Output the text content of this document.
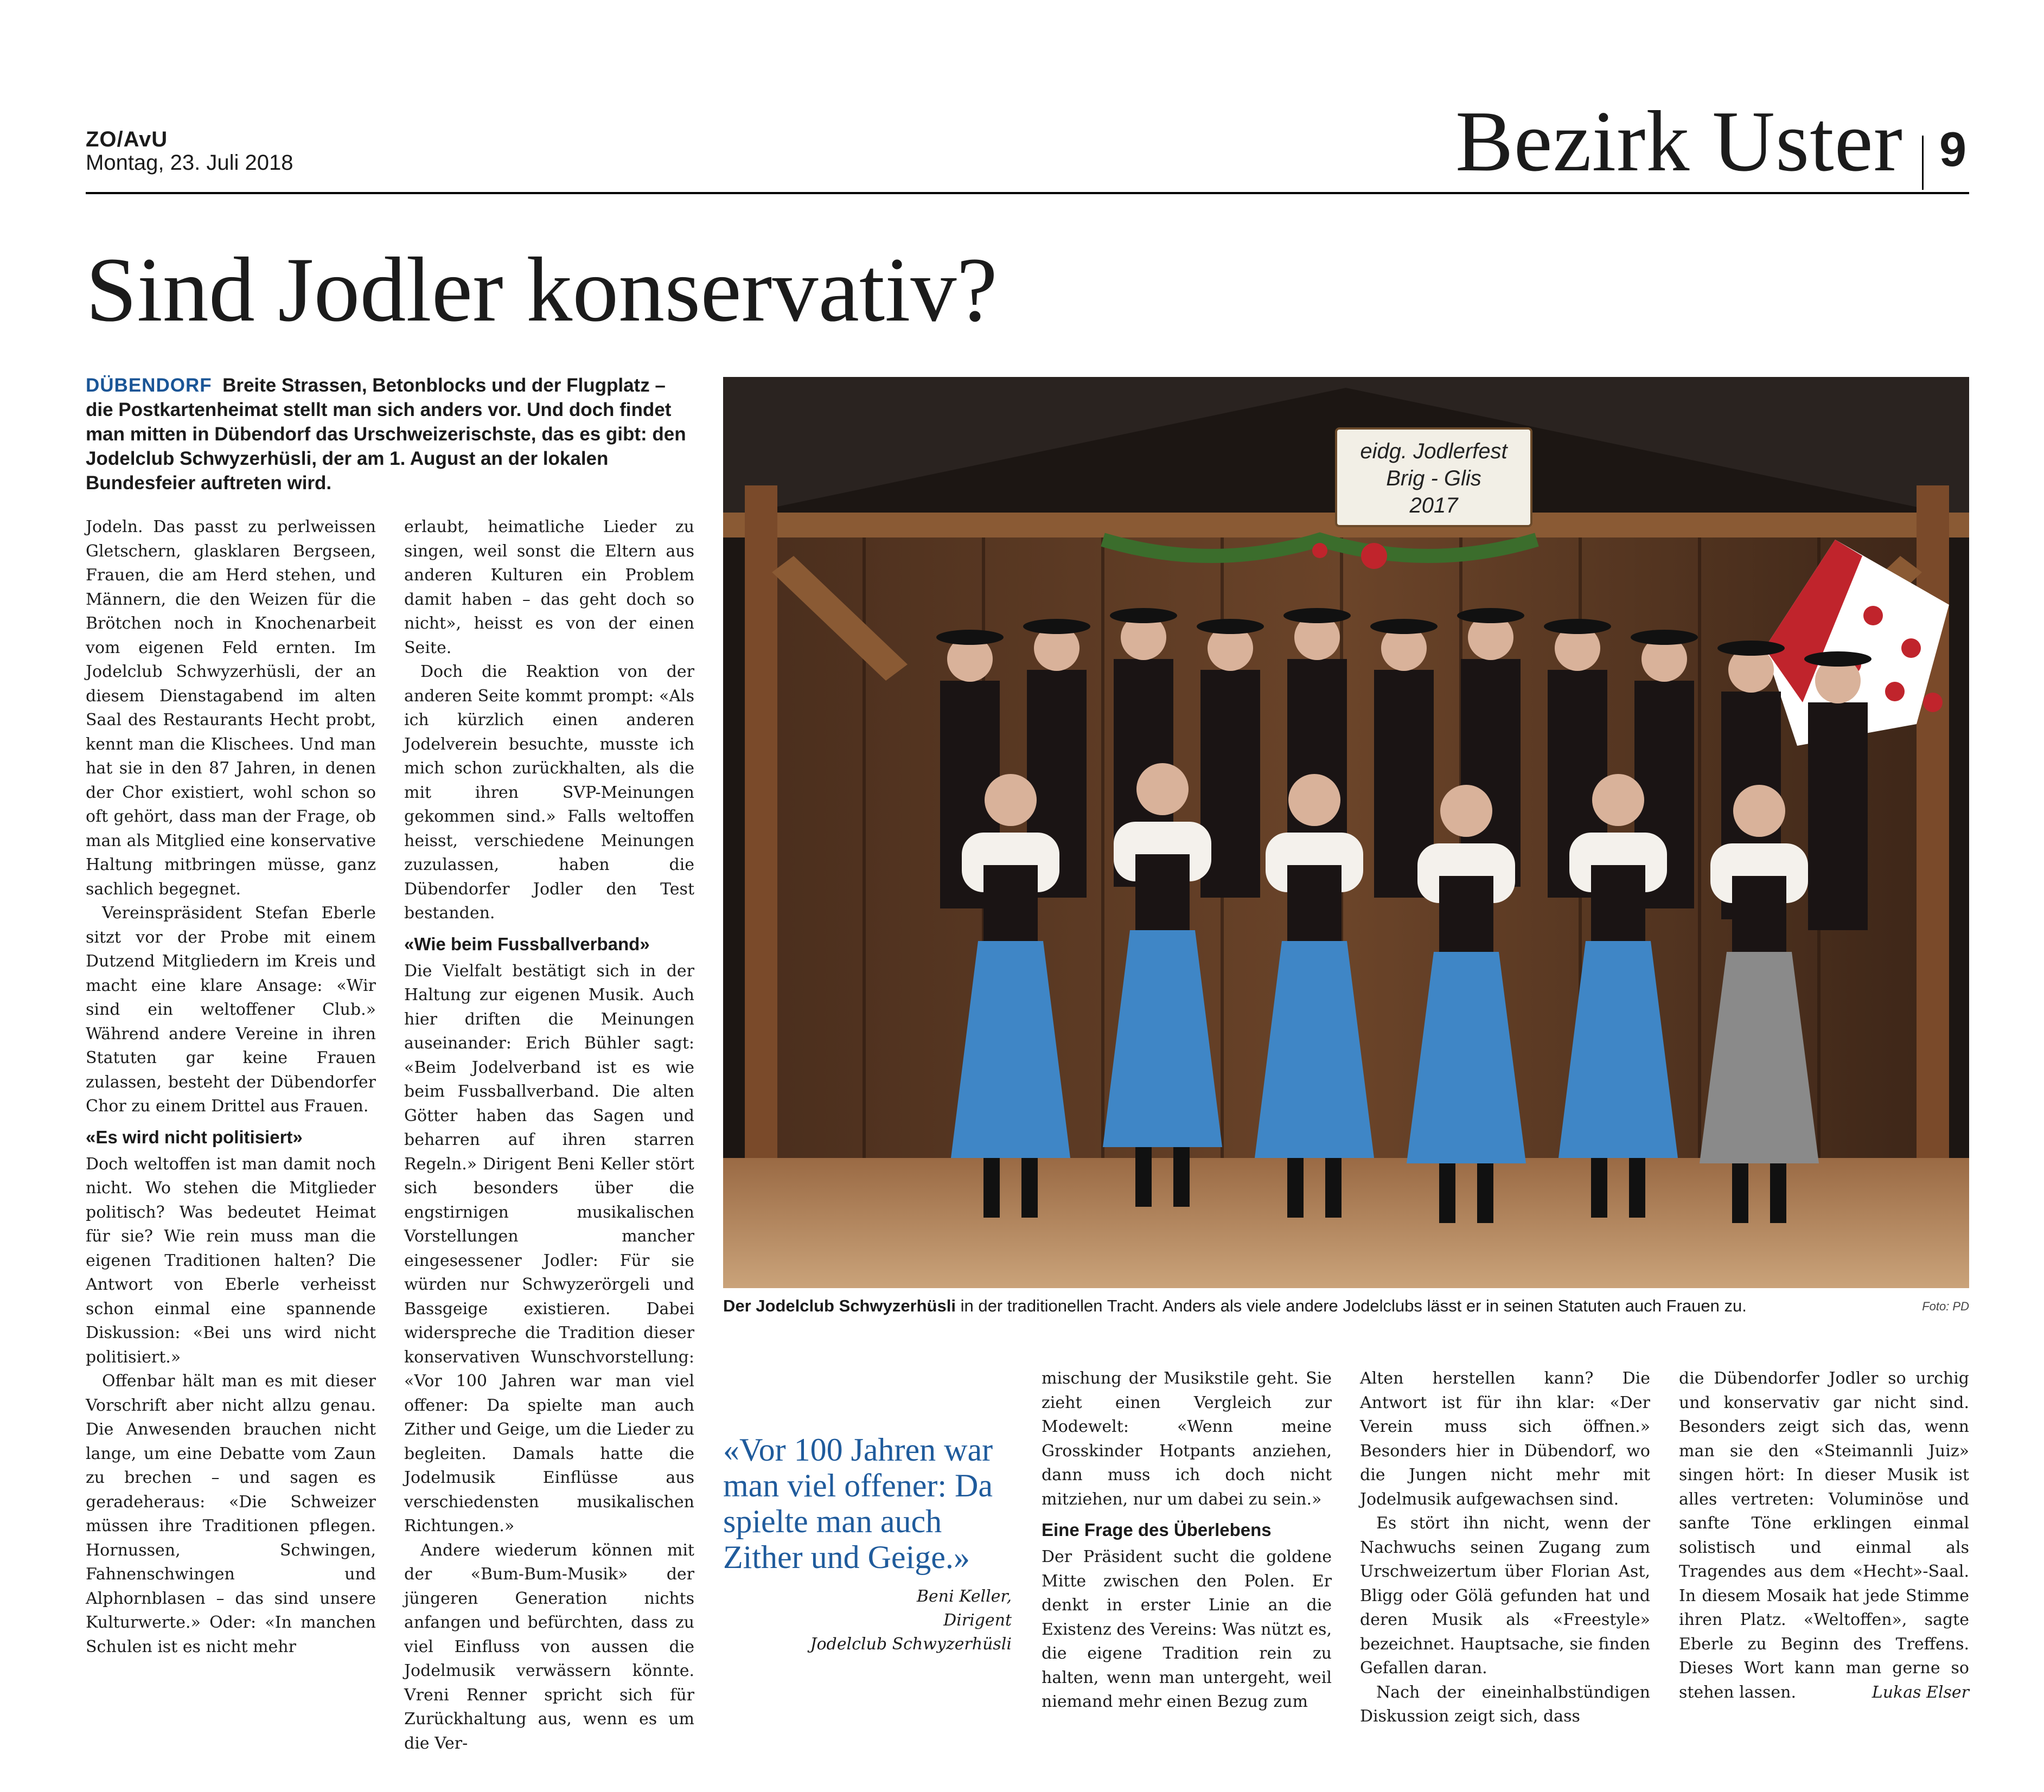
ZO/AvU
Montag, 23. Juli 2018	Bezirk Uster 9
Sind Jodler konservativ?
DÜBENDORF Breite Strassen, Betonblocks und der Flugplatz – die Postkartenheimat stellt man sich anders vor. Und doch findet man mitten in Dübendorf das Urschweizerischste, das es gibt: den Jodelclub Schwyzerhüsli, der am 1. August an der lokalen Bundesfeier auftreten wird.

Jodeln. Das passt zu perlweissen Gletschern, glasklaren Bergseen, Frauen, die am Herd stehen, und Männern, die den Weizen für die Brötchen noch in Knochenarbeit vom eigenen Feld ernten. Im Jodelclub Schwyzerhüsli, der an diesem Dienstagabend im alten Saal des Restaurants Hecht probt, kennt man die Klischees. Und man hat sie in den 87 Jahren, in denen der Chor existiert, wohl schon so oft gehört, dass man der Frage, ob man als Mitglied eine konservative Haltung mitbringen müsse, ganz sachlich begegnet.

Vereinspräsident Stefan Eberle sitzt vor der Probe mit einem Dutzend Mitgliedern im Kreis und macht eine klare Ansage: «Wir sind ein weltoffener Club.» Während andere Vereine in ihren Statuten gar keine Frauen zulassen, besteht der Dübendorfer Chor zu einem Drittel aus Frauen.

«Es wird nicht politisiert»

Doch weltoffen ist man damit noch nicht. Wo stehen die Mitglieder politisch? Was bedeutet Heimat für sie? Wie rein muss man die eigenen Traditionen halten? Die Antwort von Eberle verheisst schon einmal eine spannende Diskussion: «Bei uns wird nicht politisiert.»

Offenbar hält man es mit dieser Vorschrift aber nicht allzu genau. Die Anwesenden brauchen nicht lange, um eine Debatte vom Zaun zu brechen – und sagen es geradeheraus: «Die Schweizer müssen ihre Traditionen pflegen. Hornussen, Schwingen, Fahnenschwingen und Alphornblasen – das sind unsere Kulturwerte.» Oder: «In manchen Schulen ist es nicht mehr

erlaubt, heimatliche Lieder zu singen, weil sonst die Eltern aus anderen Kulturen ein Problem damit haben – das geht doch so nicht», heisst es von der einen Seite.

Doch die Reaktion von der anderen Seite kommt prompt: «Als ich kürzlich einen anderen Jodelverein besuchte, musste ich mich schon zurückhalten, als die mit ihren SVP-Meinungen gekommen sind.» Falls weltoffen heisst, verschiedene Meinungen zuzulassen, haben die Dübendorfer Jodler den Test bestanden.

«Wie beim Fussballverband»

Die Vielfalt bestätigt sich in der Haltung zur eigenen Musik. Auch hier driften die Meinungen auseinander: Erich Bühler sagt: «Beim Jodelverband ist es wie beim Fussballverband. Die alten Götter haben das Sagen und beharren auf ihren starren Regeln.» Dirigent Beni Keller stört sich besonders über die engstirnigen musikalischen Vorstellungen mancher eingesessener Jodler: Für sie würden nur Schwyzerörgeli und Bassgeige existieren. Dabei widerspreche die Tradition dieser konservativen Wunschvorstellung: «Vor 100 Jahren war man viel offener: Da spielte man auch Zither und Geige, um die Lieder zu begleiten. Damals hatte die Jodelmusik Einflüsse aus verschiedensten musikalischen Richtungen.»

Andere wiederum können mit der «Bum-Bum-Musik» der jüngeren Generation nichts anfangen und befürchten, dass zu viel Einfluss von aussen die Jodelmusik verwässern könnte. Vreni Renner spricht sich für Zurückhaltung aus, wenn es um die Ver-

eidg. Jodlerfest
Brig - Glis
2017
Der Jodelclub Schwyzerhüsli in der traditionellen Tracht. Anders als viele andere Jodelclubs lässt er in seinen Statuten auch Frauen zu.	Foto: PD
«Vor 100 Jahren war man viel offener: Da spielte man auch Zither und Geige.»
Beni Keller,
Dirigent
Jodelclub Schwyzerhüsli

mischung der Musikstile geht. Sie zieht einen Vergleich zur Modewelt: «Wenn meine Grosskinder Hotpants anziehen, dann muss ich doch nicht mitziehen, nur um dabei zu sein.»

Eine Frage des Überlebens

Der Präsident sucht die goldene Mitte zwischen den Polen. Er denkt in erster Linie an die Existenz des Vereins: Was nützt es, die eigene Tradition rein zu halten, wenn man untergeht, weil niemand mehr einen Bezug zum

Alten herstellen kann? Die Antwort ist für ihn klar: «Der Verein muss sich öffnen.» Besonders hier in Dübendorf, wo die Jungen nicht mehr mit Jodelmusik aufgewachsen sind.

Es stört ihn nicht, wenn der Nachwuchs seinen Zugang zum Urschweizertum über Florian Ast, Bligg oder Gölä gefunden hat und deren Musik als «Freestyle» bezeichnet. Hauptsache, sie finden Gefallen daran.

Nach der eineinhalbstündigen Diskussion zeigt sich, dass

die Dübendorfer Jodler so urchig und konservativ gar nicht sind. Besonders zeigt sich das, wenn man sie den «Steimannli Juiz» singen hört: In dieser Musik ist alles vertreten: Voluminöse und sanfte Töne erklingen einmal solistisch und einmal als Tragendes aus dem «Hecht»-Saal. In diesem Mosaik hat jede Stimme ihren Platz. «Weltoffen», sagte Eberle zu Beginn des Treffens. Dieses Wort kann man gerne so stehen lassen.	Lukas Elser
